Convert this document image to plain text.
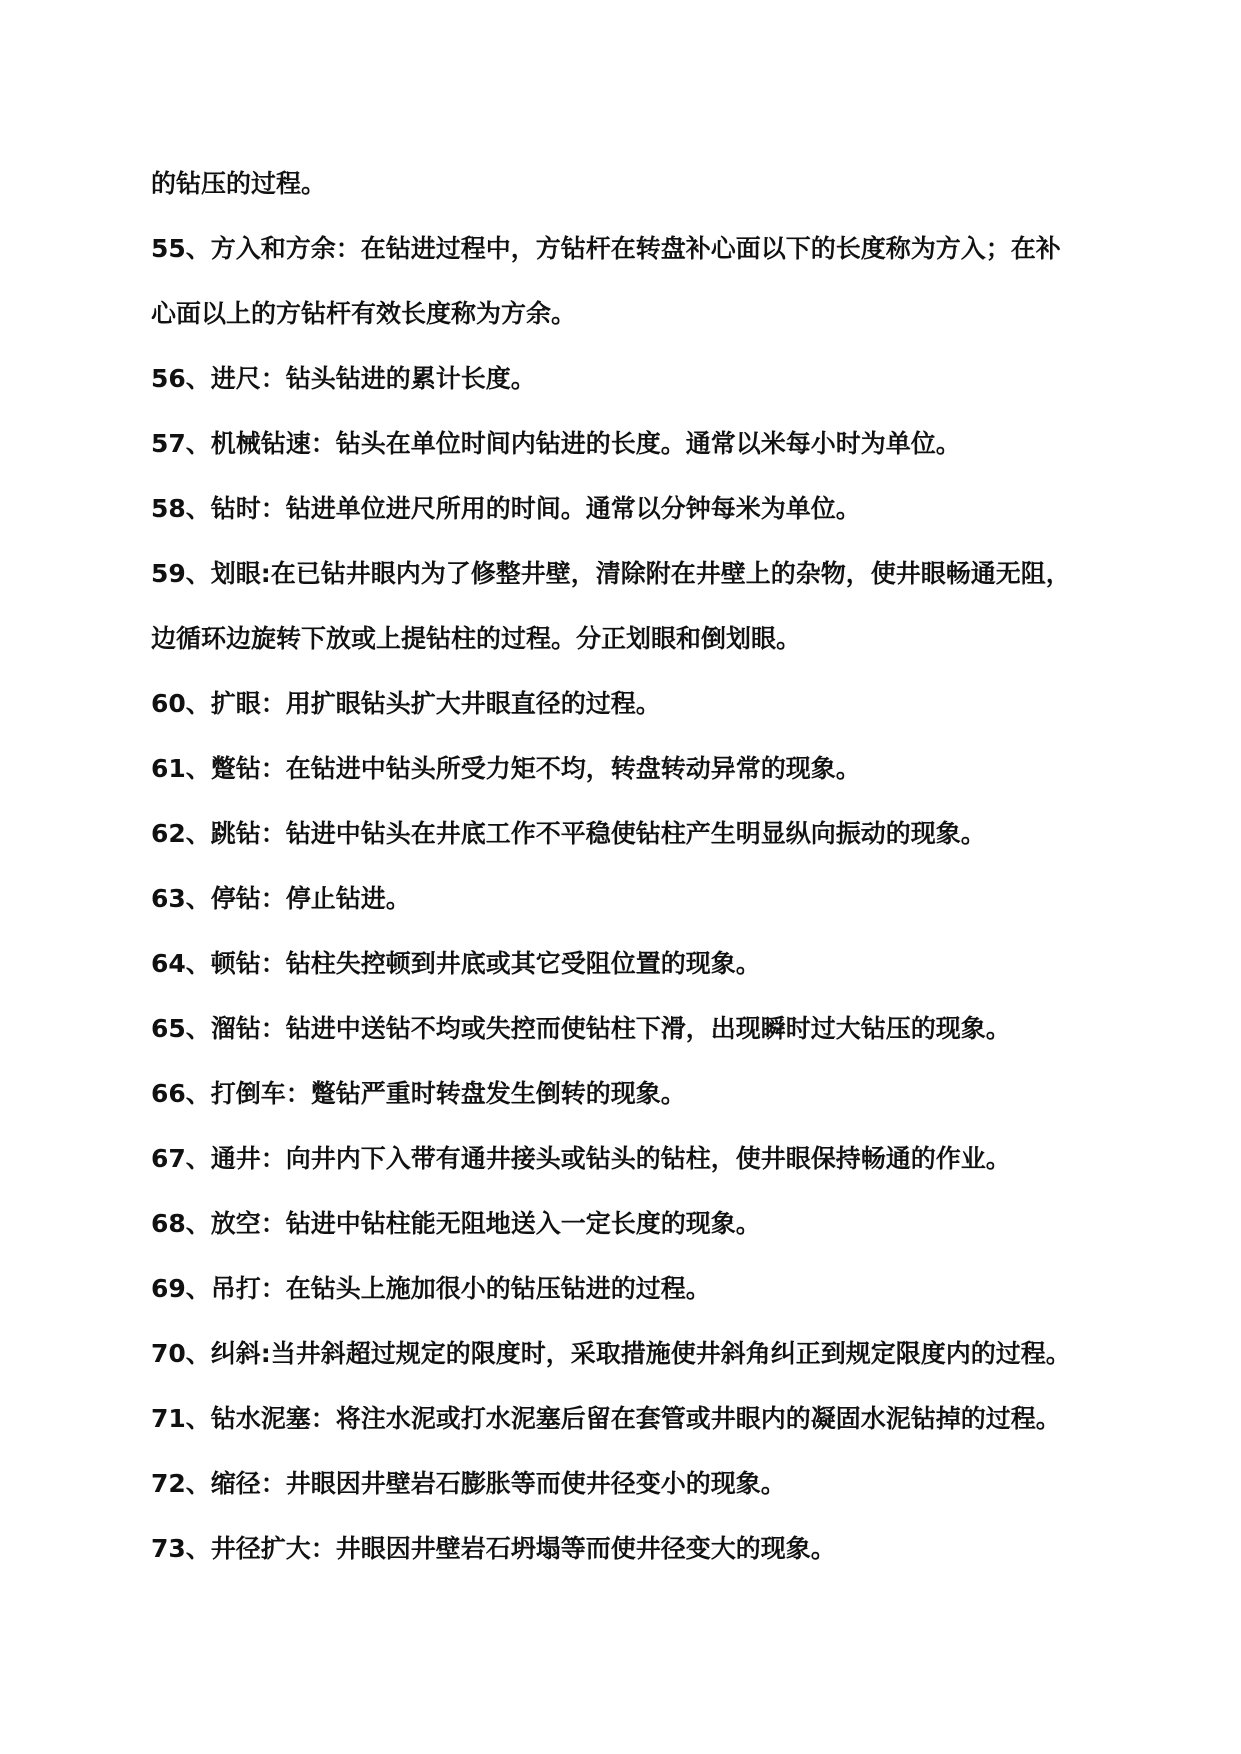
的钻压的过程。
55、方入和方余：在钻进过程中，方钻杆在转盘补心面以下的长度称为方入；在补
心面以上的方钻杆有效长度称为方余。
56、进尺：钻头钻进的累计长度。
57、机械钻速：钻头在单位时间内钻进的长度。通常以米每小时为单位。
58、钻时：钻进单位进尺所用的时间。通常以分钟每米为单位。
59、划眼:在已钻井眼内为了修整井壁，清除附在井壁上的杂物，使井眼畅通无阻，
边循环边旋转下放或上提钻柱的过程。分正划眼和倒划眼。
60、扩眼：用扩眼钻头扩大井眼直径的过程。
61、蹩钻：在钻进中钻头所受力矩不均，转盘转动异常的现象。
62、跳钻：钻进中钻头在井底工作不平稳使钻柱产生明显纵向振动的现象。
63、停钻：停止钻进。
64、顿钻：钻柱失控顿到井底或其它受阻位置的现象。
65、溜钻：钻进中送钻不均或失控而使钻柱下滑，出现瞬时过大钻压的现象。
66、打倒车：蹩钻严重时转盘发生倒转的现象。
67、通井：向井内下入带有通井接头或钻头的钻柱，使井眼保持畅通的作业。
68、放空：钻进中钻柱能无阻地送入一定长度的现象。
69、吊打：在钻头上施加很小的钻压钻进的过程。
70、纠斜:当井斜超过规定的限度时，采取措施使井斜角纠正到规定限度内的过程。
71、钻水泥塞：将注水泥或打水泥塞后留在套管或井眼内的凝固水泥钻掉的过程。
72、缩径：井眼因井壁岩石膨胀等而使井径变小的现象。
73、井径扩大：井眼因井壁岩石坍塌等而使井径变大的现象。
